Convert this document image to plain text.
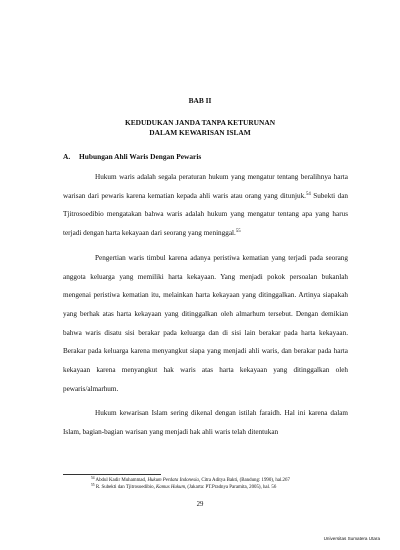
BAB II
KEDUDUKAN JANDA TANPA KETURUNAN
DALAM KEWARISAN ISLAM
A. Hubungan Ahli Waris Dengan Pewaris

Hukum waris adalah segala peraturan hukum yang mengatur tentang beralihnya harta warisan dari pewaris karena kematian kepada ahli waris atau orang yang ditunjuk.$^{54}$ Subekti dan Tjitrosoedibio mengatakan bahwa waris adalah hukum yang mengatur tentang apa yang harus terjadi dengan harta kekayaan dari seorang yang meninggal.$^{55}$

Pengertian waris timbul karena adanya peristiwa kematian yang terjadi pada seorang anggota keluarga yang memiliki harta kekayaan. Yang menjadi pokok persoalan bukanlah mengenai peristiwa kematian itu, melainkan harta kekayaan yang ditinggalkan. Artinya siapakah yang berhak atas harta kekayaan yang ditinggalkan oleh almarhum tersebut. Dengan demikian bahwa waris disatu sisi berakar pada keluarga dan di sisi lain berakar pada harta kekayaan. Berakar pada keluarga karena menyangkut siapa yang menjadi ahli waris, dan berakar pada harta kekayaan karena menyangkut hak waris atas harta kekayaan yang ditinggalkan oleh pewaris/almarhum.

Hukum kewarisan Islam sering dikenal dengan istilah faraidh. Hal ini karena dalam Islam, bagian-bagian warisan yang menjadi hak ahli waris telah ditentukan

$^{54}$ Abdul Kadir Muhammad, Hukum Perdata Indonesia, Citra Aditya Bakti, (Bandung: 1990), hal.267
$^{55}$ R. Subekti dan Tjitrosoedibio, Kamus Hukum, (Jakarta: PT.Pradnya Paramita, 2005), hal. 56
29
Universitas Sumatera Utara
